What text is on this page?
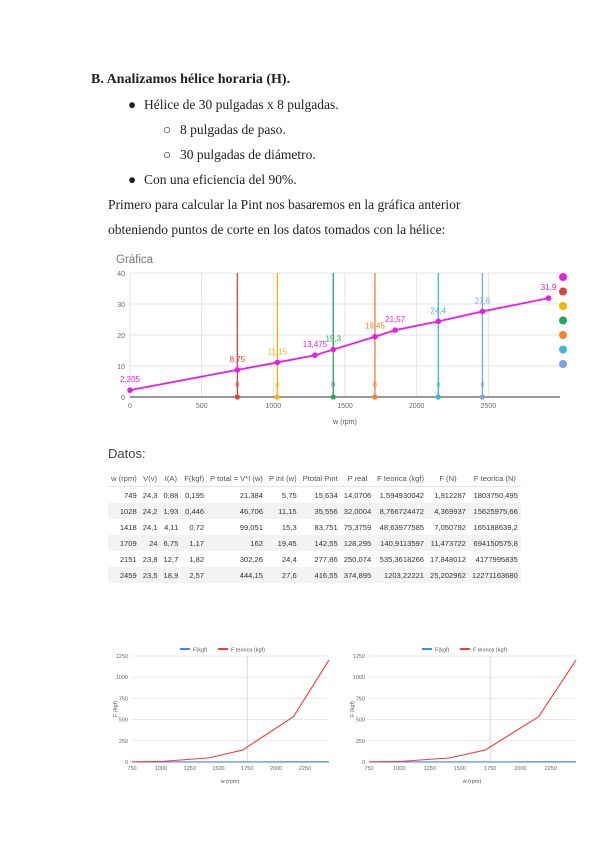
B. Analizamos hélice horaria (H).
● Hélice de 30 pulgadas x 8 pulgadas.
○ 8 pulgadas de paso.
○ 30 pulgadas de diámetro.
● Con una eficiencia del 90%.
Primero para calcular la Pint nos basaremos en la gráfica anterior
obteniendo puntos de corte en los datos tomados con la hélice:
Gráfica
0
10
20
30
40
0	500	1000	1500	2000	2500
w (rpm)
0	0	0	0	0	0
2,205
8,75
11,15
13,475
15,3
19,45
21,57
24,4
27,6
31,9
Datos:
w (rpm)	V(v)	I(A)	F(kgf)	P total = V*I (w)	P int (w)	Ptotal-Pint	P real	F teorica (kgf)	F (N)	F teorica (N)
749	24,3	0,88	0,195	21,384	5,75	15,634	14,0706	1,594930042	1,912287	1803750,495
1028	24,2	1,93	0,446	46,706	11,15	35,556	32,0004	8,766724472	4,369937	15625975,66
1418	24,1	4,11	0,72	99,051	15,3	83,751	75,3759	48,63977585	7,050792	165188639,2
1709	24	6,75	1,17	162	19,45	142,55	128,295	140,9113597	11,473722	694150575,8
2151	23,8	12,7	1,82	302,26	24,4	277,86	250,074	535,3618266	17,848012	4177995835
2459	23,5	18,9	2,57	444,15	27,6	416,55	374,895	1203,22221	25,202962	12271163680
F(kgf)	F teorica (kgf)
0
250
500
750
1000
1250
750	1000	1250	1500	1750	2000	2250
w (rpm)
F (kgf)
F(kgf)	F teorica (kgf)
0
250
500
750
1000
1250
750	1000	1250	1500	1750	2000	2250
w (rpm)
F (kgf)
